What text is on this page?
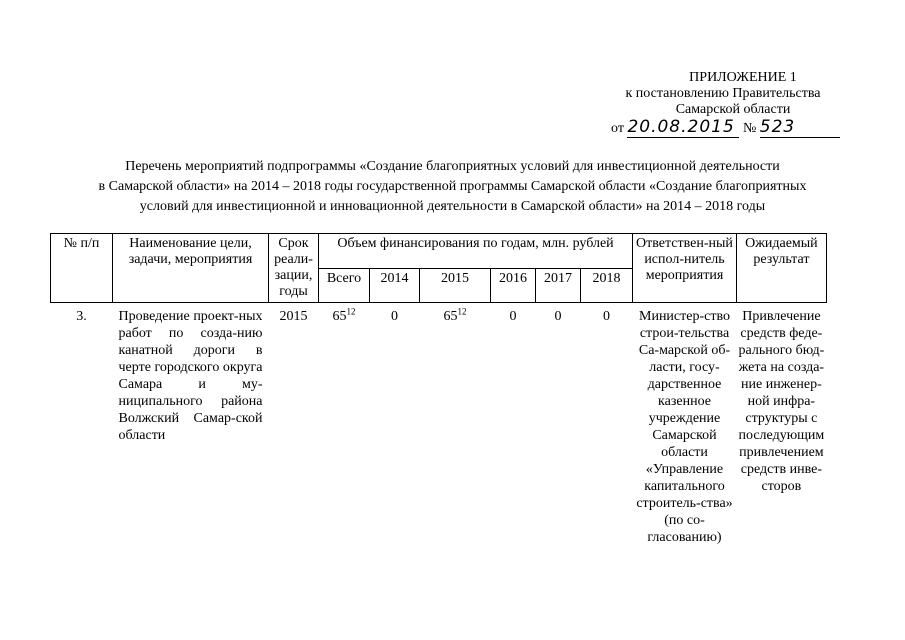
ПРИЛОЖЕНИЕ 1
к постановлению Правительства
Самарской области
от 20.08.2015 № 523
Перечень мероприятий подпрограммы «Создание благоприятных условий для инвестиционной деятельности
в Самарской области» на 2014 – 2018 годы государственной программы Самарской области «Создание благоприятных
условий для инвестиционной и инновационной деятельности в Самарской области» на 2014 – 2018 годы
№ п/п	Наименование цели, задачи, мероприятия	Срок реали-зации, годы	Объем финансирования по годам, млн. рублей						Ответствен-ный испол-нитель мероприятия	Ожидаемый результат
			Всего	2014	2015	2016	2017	2018		
3.	Проведение проект-ных работ по созда-нию канатной дороги в черте городского округа Самара и му-ниципального района Волжский Самар-ской области	2015	$65^{12}$	0	$65^{12}$	0	0	0	Министер-ство строи-тельства Са-марской об-ласти, госу-дарственное казенное учреждение Самарской области «Управление капитального строитель-ства» (по со-гласованию)	Привлечение средств феде-рального бюд-жета на созда-ние инженер-ной инфра-структуры с последующим привлечением средств инве-сторов
